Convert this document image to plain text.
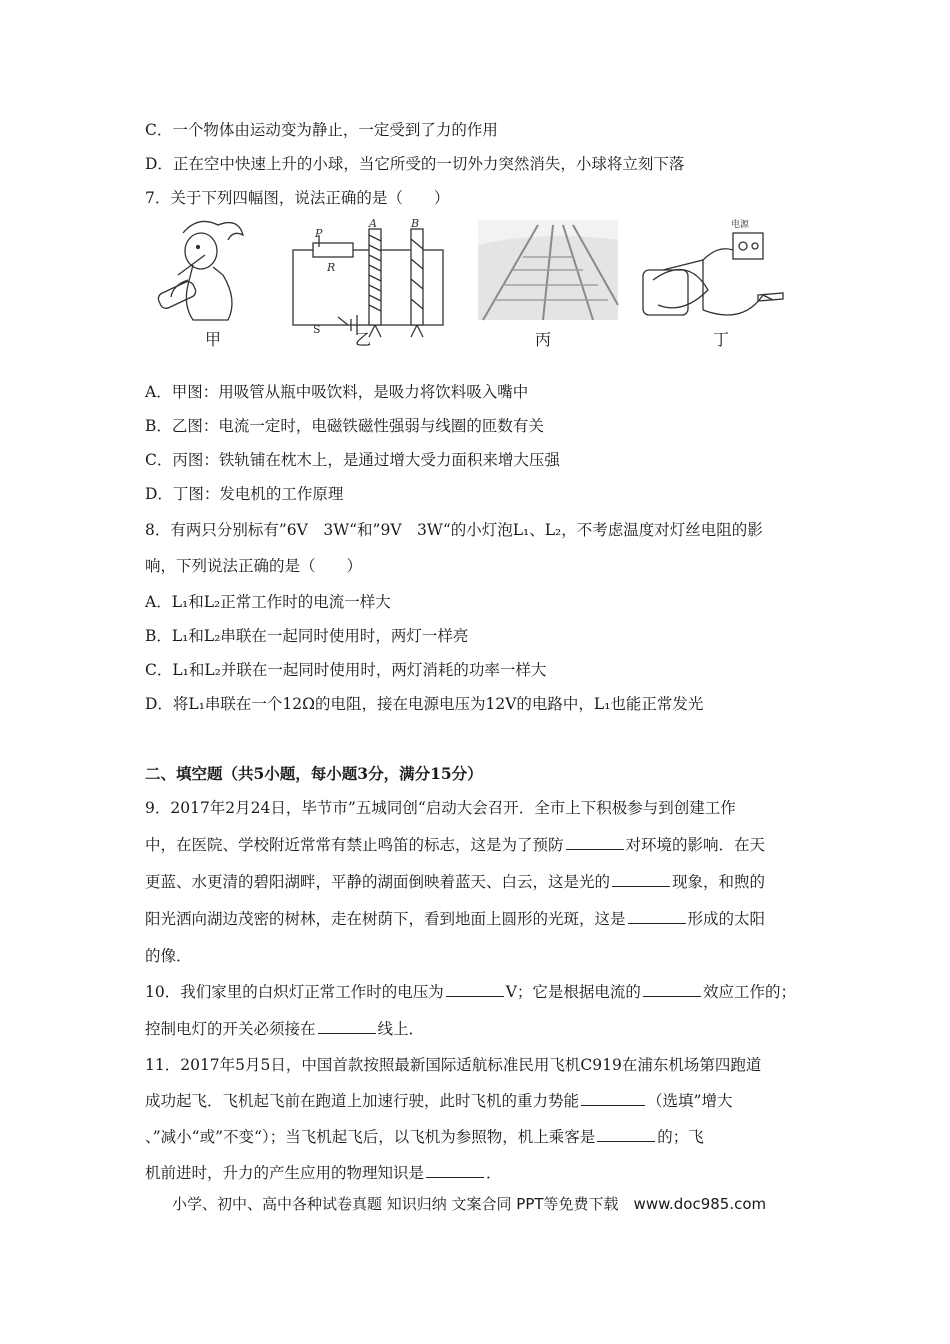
C．一个物体由运动变为静止，一定受到了力的作用
D．正在空中快速上升的小球，当它所受的一切外力突然消失，小球将立刻下落
7．关于下列四幅图，说法正确的是（　　）
P
R
A	B
S
电源
甲	乙	丙	丁
A．甲图：用吸管从瓶中吸饮料，是吸力将饮料吸入嘴中
B．乙图：电流一定时，电磁铁磁性强弱与线圈的匝数有关
C．丙图：铁轨铺在枕木上，是通过增大受力面积来增大压强
D．丁图：发电机的工作原理
8．有两只分别标有”6V　3W“和”9V　3W“的小灯泡L₁、L₂，不考虑温度对灯丝电阻的影
响，下列说法正确的是（　　）
A．L₁和L₂正常工作时的电流一样大
B．L₁和L₂串联在一起同时使用时，两灯一样亮
C．L₁和L₂并联在一起同时使用时，两灯消耗的功率一样大
D．将L₁串联在一个12Ω的电阻，接在电源电压为12V的电路中，L₁也能正常发光
二、填空题（共5小题，每小题3分，满分15分）
9．2017年2月24日，毕节市”五城同创“启动大会召开．全市上下积极参与到创建工作
中，在医院、学校附近常常有禁止鸣笛的标志，这是为了预防	对环境的影响．在天
更蓝、水更清的碧阳湖畔，平静的湖面倒映着蓝天、白云，这是光的	现象，和煦的
阳光洒向湖边茂密的树林，走在树荫下，看到地面上圆形的光斑，这是	形成的太阳
的像．
10．我们家里的白炽灯正常工作时的电压为	V；它是根据电流的	效应工作的；
控制电灯的开关必须接在	线上．
11．2017年5月5日，中国首款按照最新国际适航标准民用飞机C919在浦东机场第四跑道
成功起飞．飞机起飞前在跑道上加速行驶，此时飞机的重力势能	（选填”增大
、”减小“或”不变“）；当飞机起飞后，以飞机为参照物，机上乘客是	的；飞
机前进时，升力的产生应用的物理知识是	．
小学、初中、高中各种试卷真题 知识归纳 文案合同 PPT等免费下载　www.doc985.com
